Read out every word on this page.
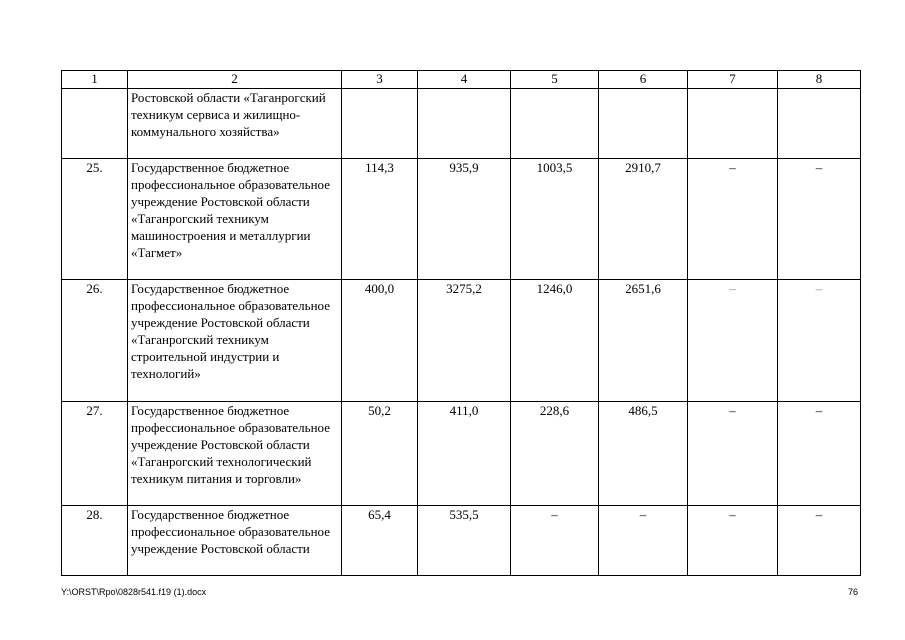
1	2	3	4	5	6	7	8
	Ростовской области «Таганрогский техникум сервиса и жилищно-коммунального хозяйства»						
25.	Государственное бюджетное профессиональное образовательное учреждение Ростовской области «Таганрогский техникум машиностроения и металлургии «Тагмет»	114,3	935,9	1003,5	2910,7	–	–
26.	Государственное бюджетное профессиональное образовательное учреждение Ростовской области «Таганрогский техникум строительной индустрии и технологий»	400,0	3275,2	1246,0	2651,6	–	–
27.	Государственное бюджетное профессиональное образовательное учреждение Ростовской области «Таганрогский технологический техникум питания и торговли»	50,2	411,0	228,6	486,5	–	–
28.	Государственное бюджетное профессиональное образовательное учреждение Ростовской области	65,4	535,5	–	–	–	–
Y:\ORST\Rpo\0828r541.f19 (1).docx	76
